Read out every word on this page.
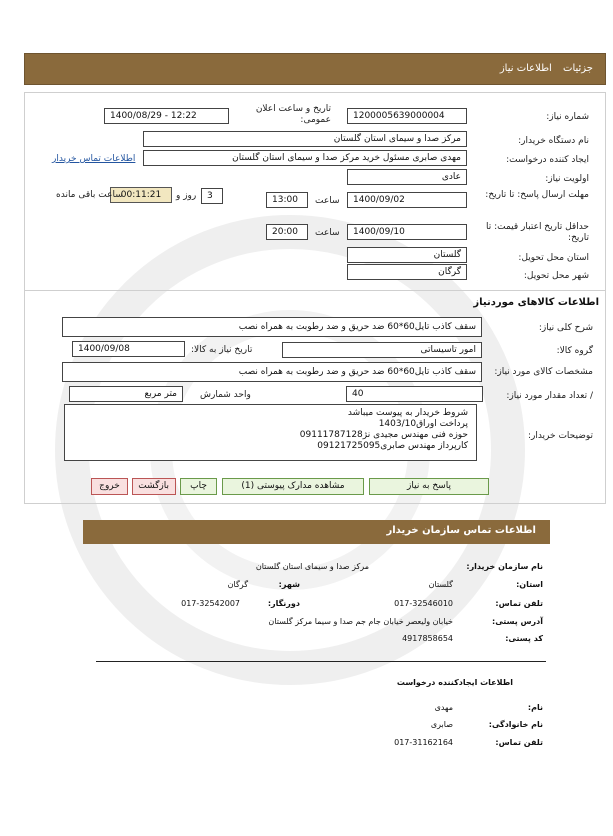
جزئیات اطلاعات نیاز
شماره نیاز:
1200005639000004
تاریخ و ساعت اعلان عمومی:
1400/08/29 - 12:22
نام دستگاه خریدار:
مرکز صدا و سیمای استان گلستان
ایجاد کننده درخواست:
مهدی صابری مسئول خرید مرکز صدا و سیمای استان گلستان
اطلاعات تماس خریدار
اولویت نیاز:
عادی
مهلت ارسال پاسخ: تا تاریخ:
1400/09/02
ساعت
13:00
3
روز و
00:11:21
ساعت باقی مانده
حداقل تاریخ اعتبار قیمت: تا تاریخ:
1400/09/10
ساعت
20:00
استان محل تحویل:
گلستان
شهر محل تحویل:
گرگان
اطلاعات کالاهای موردنیاز
شرح کلی نیاز:
سقف کاذب تایل60*60 ضد حریق و ضد رطوبت به همراه نصب
گروه کالا:
امور تاسیساتی
تاریخ نیاز به کالا:
1400/09/08
مشخصات کالای مورد نیاز:
سقف کاذب تایل60*60 ضد حریق و ضد رطوبت به همراه نصب
/ تعداد مقدار مورد نیاز:
40
واحد شمارش
متر مربع
توضیحات خریدار:
شروط خریدار به پیوست میباشد
پرداخت اوراق1403/10
حوزه فنی مهندس مجیدی نژ09111787128
کارپرداز مهندس صابری09121725095
پاسخ به نیاز
مشاهده مدارک پیوستی (1)
چاپ
بازگشت
خروج
اطلاعات تماس سازمان خریدار
نام سازمان خریدار:
مرکز صدا و سیمای استان گلستان
استان:
گلستان
شهر:
گرگان
تلفن تماس:
017-32546010
دورنگار:
017-32542007
آدرس پستی:
خیابان ولیعصر خیابان جام جم صدا و سیما مرکز گلستان
کد پستی:
4917858654
اطلاعات ایجادکننده درخواست
نام:
مهدی
نام خانوادگی:
صابری
تلفن تماس:
017-31162164
